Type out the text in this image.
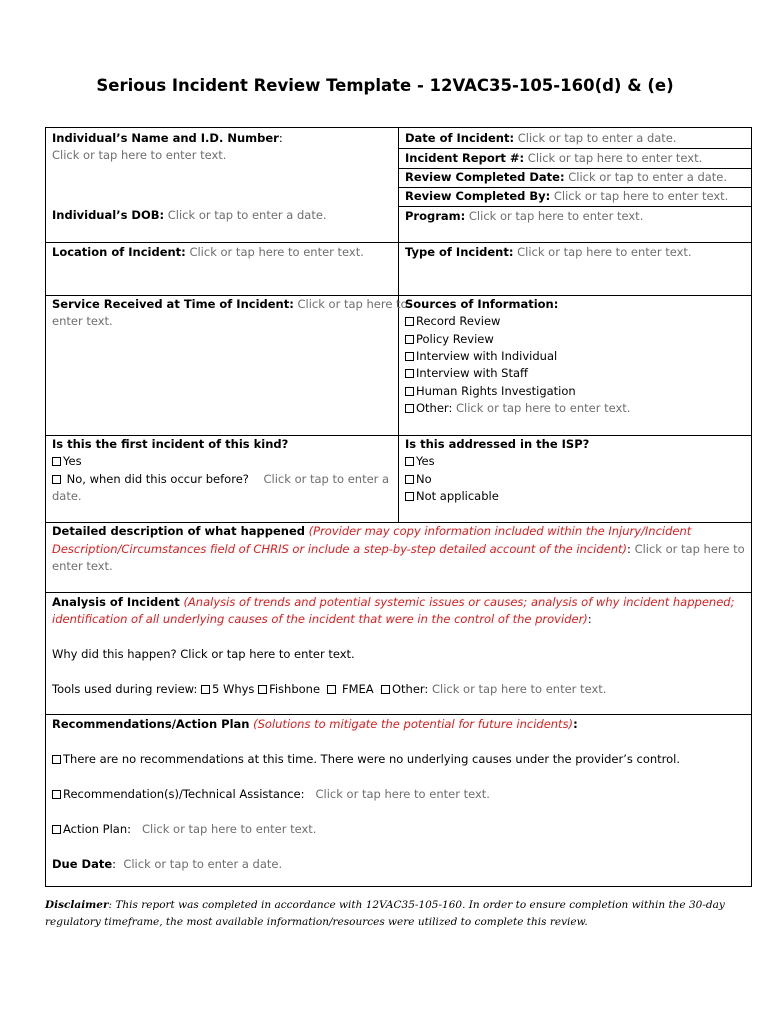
Serious Incident Review Template - 12VAC35-105-160(d) & (e)
Individual’s Name and I.D. Number:
Click or tap here to enter text.
Individual’s DOB: Click or tap to enter a date.
Date of Incident: Click or tap to enter a date.
Incident Report #: Click or tap here to enter text.
Review Completed Date: Click or tap to enter a date.
Review Completed By: Click or tap here to enter text.
Program: Click or tap here to enter text.
Location of Incident: Click or tap here to enter text.	Type of Incident: Click or tap here to enter text.
Service Received at Time of Incident: Click or tap here to
enter text.
Sources of Information:
Record Review
Policy Review
Interview with Individual
Interview with Staff
Human Rights Investigation
Other: Click or tap here to enter text.
Is this the first incident of this kind?
Yes
No, when did this occur before? Click or tap to enter a
date.
Is this addressed in the ISP?
Yes
No
Not applicable
Detailed description of what happened (Provider may copy information included within the Injury/Incident
Description/Circumstances field of CHRIS or include a step-by-step detailed account of the incident): Click or tap here to
enter text.
Analysis of Incident (Analysis of trends and potential systemic issues or causes; analysis of why incident happened;
identification of all underlying causes of the incident that were in the control of the provider):
Why did this happen? Click or tap here to enter text.
Tools used during review: 5 Whys Fishbone FMEA Other: Click or tap here to enter text.
Recommendations/Action Plan (Solutions to mitigate the potential for future incidents):
There are no recommendations at this time. There were no underlying causes under the provider’s control.
Recommendation(s)/Technical Assistance: Click or tap here to enter text.
Action Plan: Click or tap here to enter text.
Due Date: Click or tap to enter a date.
Disclaimer: This report was completed in accordance with 12VAC35-105-160. In order to ensure completion within the 30-day
regulatory timeframe, the most available information/resources were utilized to complete this review.
